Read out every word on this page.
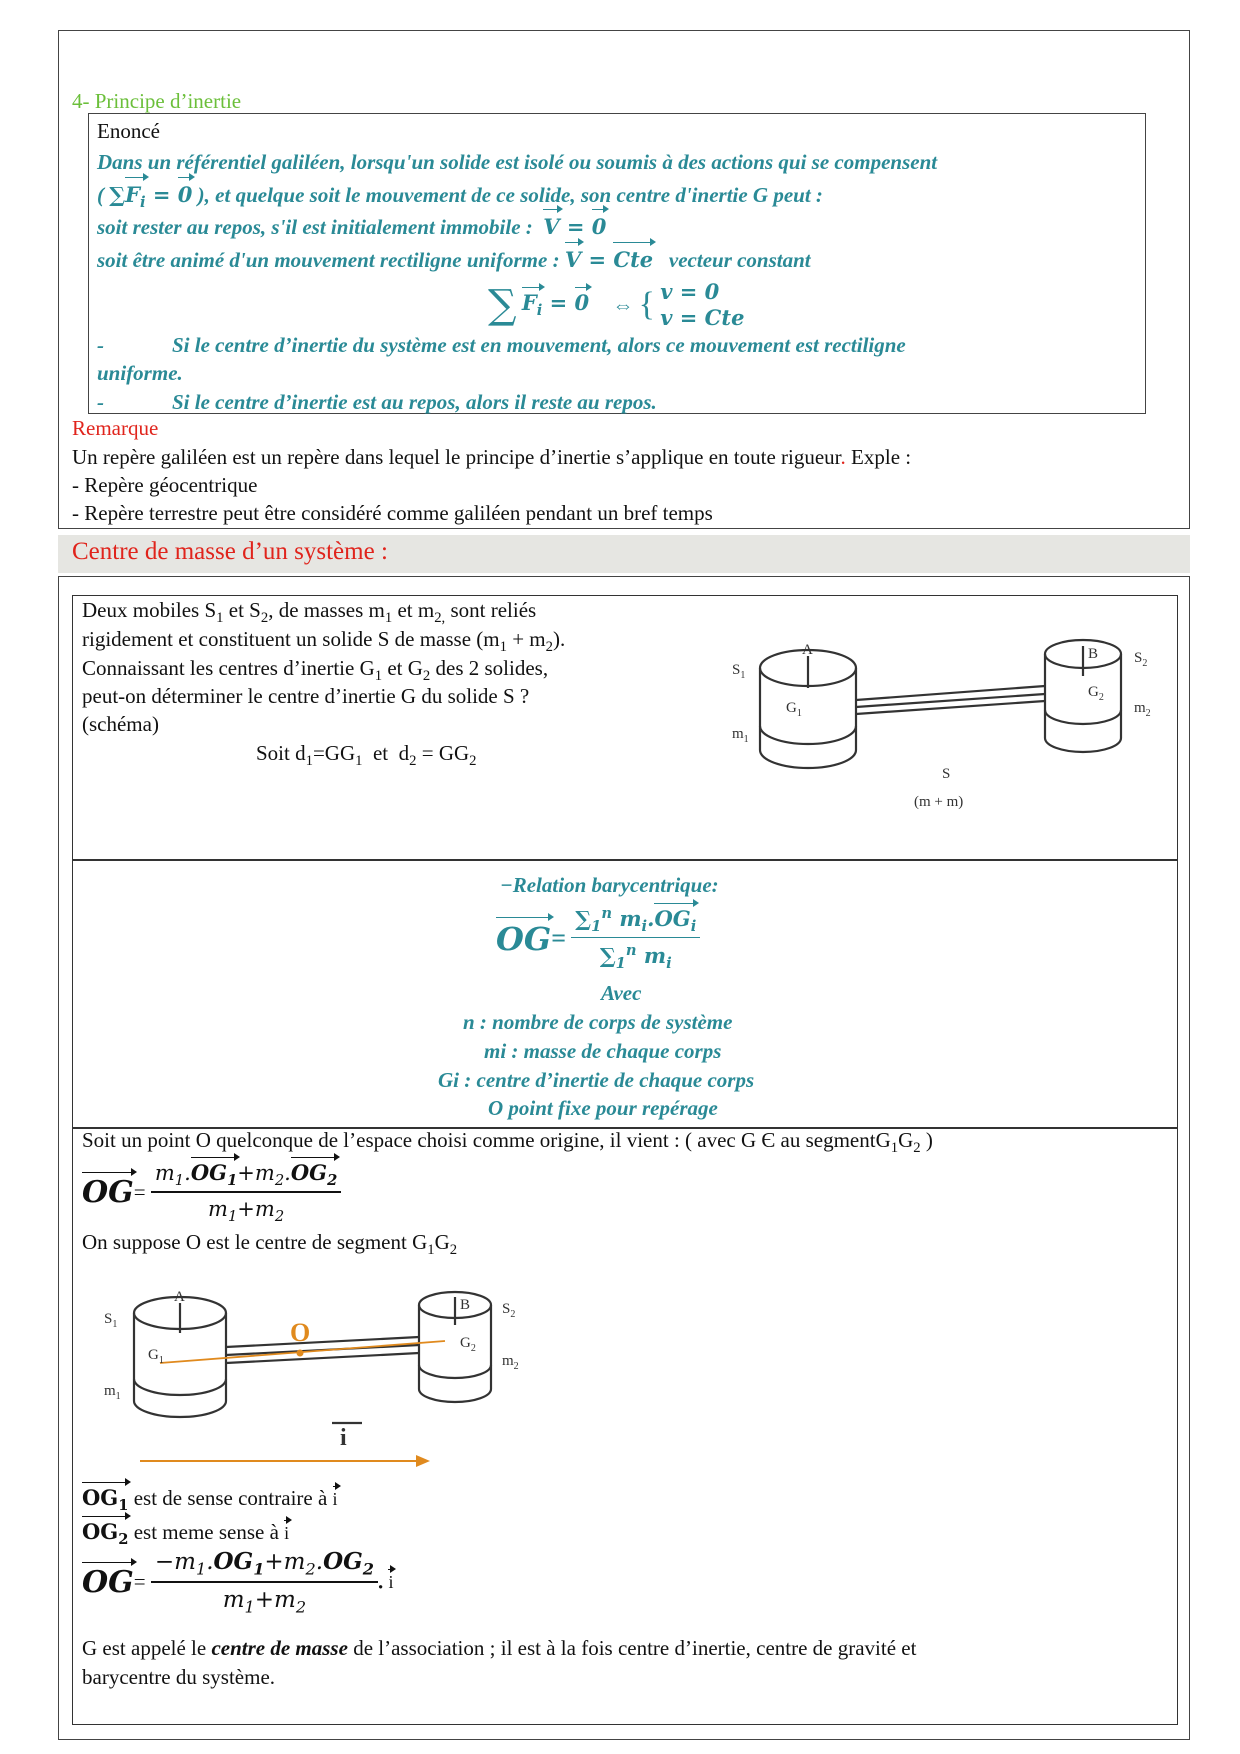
4- Principe d’inertie
Enoncé
Dans un référentiel galiléen, lorsqu'un solide est isolé ou soumis à des actions qui se compensent
( $\sum F_i = 0$ ), et quelque soit le mouvement de ce solide, son centre d'inertie G peut :
soit rester au repos, s'il est initialement immobile : V = 0
soit être animé d'un mouvement rectiligne uniforme : V = Cte vecteur constant
∑ $F_i = 0$ ⇔ { v = 0
v = Cte
-	Si le centre d’inertie du système est en mouvement, alors ce mouvement est rectiligne
uniforme.
-	Si le centre d’inertie est au repos, alors il reste au repos.
Remarque
Un repère galiléen est un repère dans lequel le principe d’inertie s’applique en toute rigueur. Exple :
- Repère géocentrique
- Repère terrestre peut être considéré comme galiléen pendant un bref temps
Centre de masse d’un système :
Deux mobiles $S_1$ et $S_2$, de masses $m_1$ et $m_{2,}$ sont reliés
rigidement et constituent un solide S de masse $(m_1 + m_2)$.
Connaissant les centres d’inertie $G_1$ et $G_2$ des 2 solides,
peut-on déterminer le centre d’inertie G du solide S ?
(schéma)
Soit $d_1=GG_1$  et  $d_2 = GG_2$
$S_1$
$m_1$
A
$G_1$
B
$G_2$
$S_2$
$m_2$
S
(m + m)
−Relation barycentrique:
$OG= \frac{\sum_1^n m_i.OG_i}{\sum_1^n m_i}$
Avec
n : nombre de corps de système
mi : masse de chaque corps
Gi : centre d’inertie de chaque corps
O point fixe pour repérage
Soit un point O quelconque de l’espace choisi comme origine, il vient : ( avec G Є au $segmentG_1G_2$ )
$OG= \frac{m_1.OG_1+m_2.OG_2}{m_1+m_2}$
On suppose O est le centre de segment $G_1G_2$
$S_1$
$m_1$
A
$G_1$
B
$G_2$
$S_2$
$m_2$
i
O
$OG_1$ est de sense contraire à i
$OG_2$ est meme sense à i
$OG= \frac{-m_1.OG_1+m_2.OG_2}{m_1+m_2}$ . i
G est appelé le centre de masse de l’association ; il est à la fois centre d’inertie, centre de gravité et
barycentre du système.
